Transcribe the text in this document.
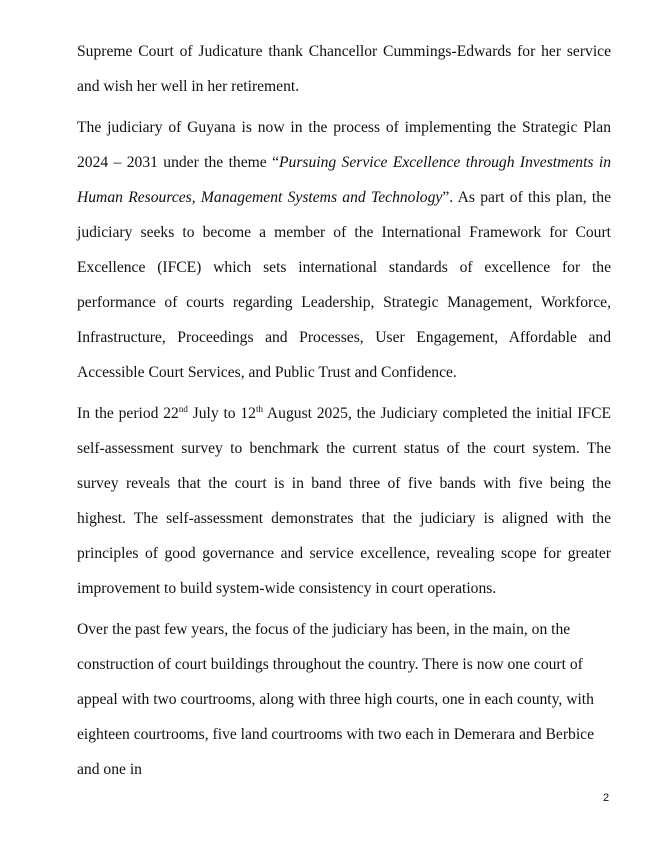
Supreme Court of Judicature thank Chancellor Cummings-Edwards for her service and wish her well in her retirement.

The judiciary of Guyana is now in the process of implementing the Strategic Plan 2024 – 2031 under the theme “Pursuing Service Excellence through Investments in Human Resources, Management Systems and Technology”. As part of this plan, the judiciary seeks to become a member of the International Framework for Court Excellence (IFCE) which sets international standards of excellence for the performance of courts regarding Leadership, Strategic Management, Workforce, Infrastructure, Proceedings and Processes, User Engagement, Affordable and Accessible Court Services, and Public Trust and Confidence.

In the period 22nd July to 12th August 2025, the Judiciary completed the initial IFCE self-assessment survey to benchmark the current status of the court system. The survey reveals that the court is in band three of five bands with five being the highest. The self-assessment demonstrates that the judiciary is aligned with the principles of good governance and service excellence, revealing scope for greater improvement to build system-wide consistency in court operations.

Over the past few years, the focus of the judiciary has been, in the main, on the construction of court buildings throughout the country. There is now one court of appeal with two courtrooms, along with three high courts, one in each county, with eighteen courtrooms, five land courtrooms with two each in Demerara and Berbice and one in

2
